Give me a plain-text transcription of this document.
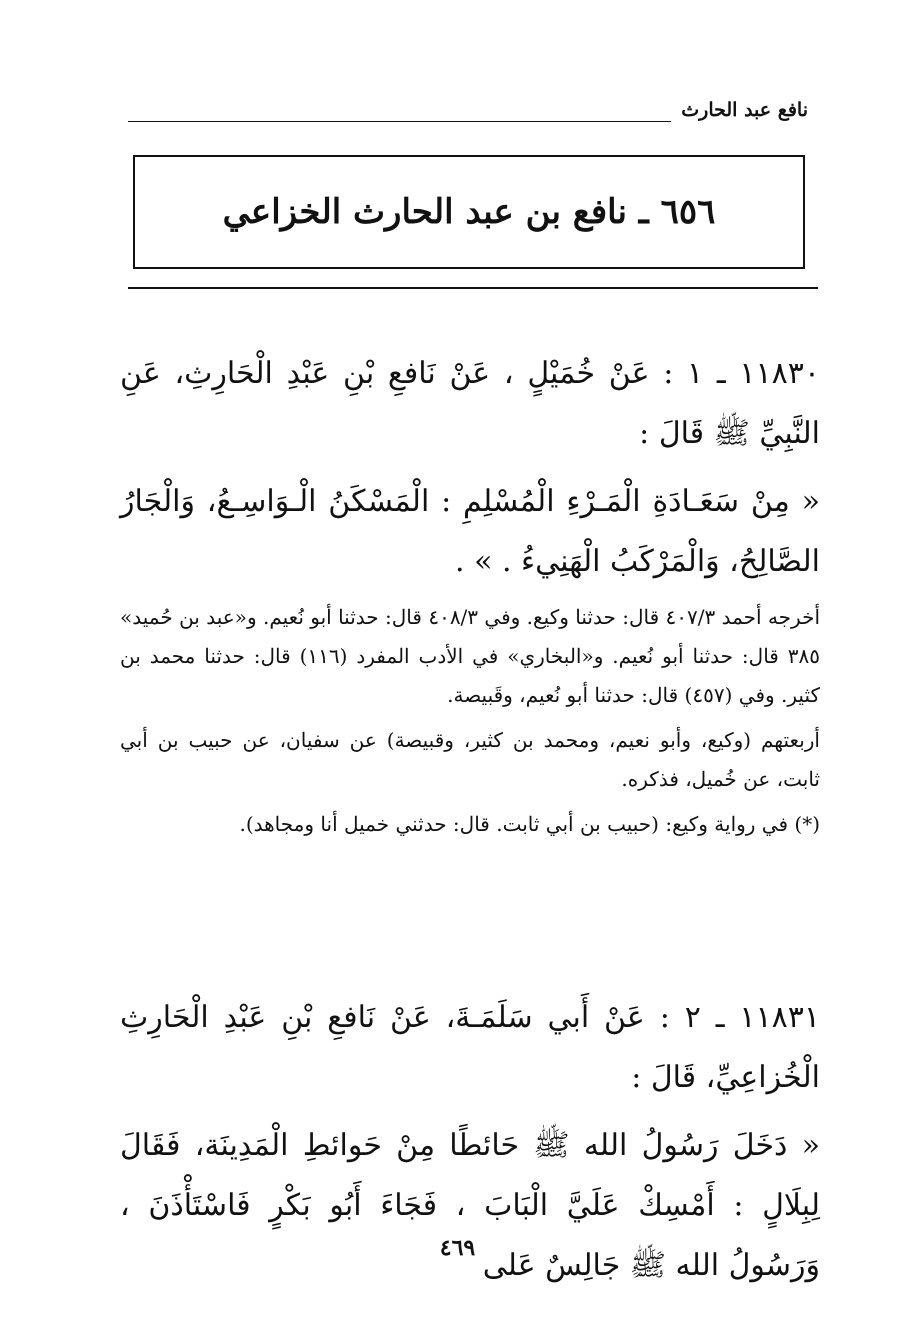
نافع عبد الحارث
٦٥٦ ـ نافع بن عبد الحارث الخزاعي

١١٨٣٠ ـ ١ : عَنْ خُمَيْلٍ ، عَنْ نَافعِ بْنِ عَبْدِ الْحَارِثِ، عَنِ النَّبِيِّ ﷺ قَالَ :

« مِنْ سَعَـادَةِ الْمَـرْءِ الْمُسْلِمِ : الْمَسْكَنُ الْـوَاسِـعُ، وَالْجَارُ الصَّالِحُ، وَالْمَرْكَبُ الْهَنِيءُ . » .

أخرجه أحمد ٤٠٧/٣ قال: حدثنا وكيع. وفي ٤٠٨/٣ قال: حدثنا أبو نُعيم. و«عبد بن حُميد» ٣٨٥ قال: حدثنا أبو نُعيم. و«البخاري» في الأدب المفرد (١١٦) قال: حدثنا محمد بن كثير. وفي (٤٥٧) قال: حدثنا أبو نُعيم، وقَبيصة.

أربعتهم (وكيع، وأبو نعيم، ومحمد بن كثير، وقبيصة) عن سفيان، عن حبيب بن أبي ثابت، عن خُميل، فذكره.

(*) في رواية وكيع: (حبيب بن أبي ثابت. قال: حدثني خميل أنا ومجاهد).

١١٨٣١ ـ ٢ : عَنْ أَبي سَلَمَـةَ، عَنْ نَافعِ بْنِ عَبْدِ الْحَارِثِ الْخُزاعِيِّ، قَالَ :

« دَخَلَ رَسُولُ الله ﷺ حَائطًا مِنْ حَوائطِ الْمَدِينَة، فَقَالَ لِبِلَالٍ : أَمْسِكْ عَلَيَّ الْبَابَ ، فَجَاءَ أَبُو بَكْرٍ فَاسْتَأْذَنَ ، وَرَسُولُ الله ﷺ جَالِسٌ عَلى

٤٦٩
